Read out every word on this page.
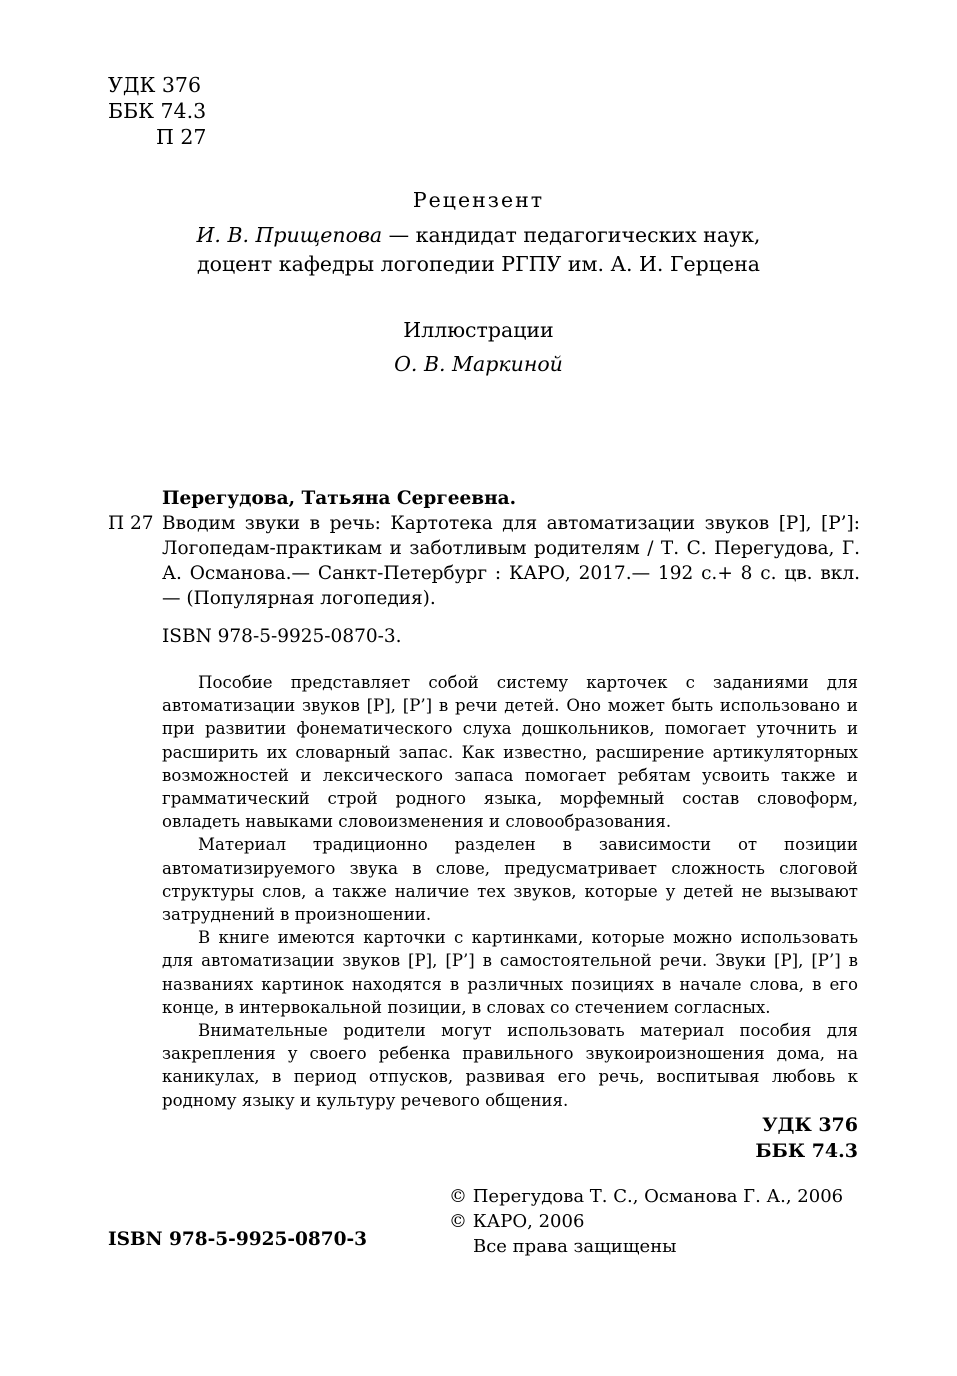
УДК 376
ББК 74.3
П 27
Рецензент
И. В. Прищепова — кандидат педагогических наук,
доцент кафедры логопедии РГПУ им. А. И. Герцена
Иллюстрации
О. В. Маркиной
Перегудова, Татьяна Сергеевна.
П 27 Вводим звуки в речь: Картотека для автоматизации звуков [Р], [Р’]: Логопедам-практикам и заботливым родителям / Т. С. Перегудова, Г. А. Османова.— Санкт-Петербург : КАРО, 2017.— 192 с.+ 8 с. цв. вкл. — (Популярная логопедия).
ISBN 978-5-9925-0870-3.

Пособие представляет собой систему карточек с заданиями для автоматизации звуков [Р], [Р’] в речи детей. Оно может быть использовано и при развитии фонематического слуха дошкольников, помогает уточнить и расширить их словарный запас. Как известно, расширение артикуляторных возможностей и лексического запаса помогает ребятам усвоить также и грамматический строй родного языка, морфемный состав словоформ, овладеть навыками словоизменения и словообразования.

Материал традиционно разделен в зависимости от позиции автоматизируемого звука в слове, предусматривает сложность слоговой структуры слов, а также наличие тех звуков, которые у детей не вызывают затруднений в произношении.

В книге имеются карточки с картинками, которые можно использовать для автоматизации звуков [Р], [Р’] в самостоятельной речи. Звуки [Р], [Р’] в названиях картинок находятся в различных позициях в начале слова, в его конце, в интервокальной позиции, в словах со стечением согласных.

Внимательные родители могут использовать материал пособия для закрепления у своего ребенка правильного звукоироизношения дома, на каникулах, в период отпусков, развивая его речь, воспитывая любовь к родному языку и культуру речевого общения.

УДК 376
ББК 74.3
© Перегудова Т. С., Османова Г. А., 2006
© КАРО, 2006
Все права защищены
ISBN 978-5-9925-0870-3
